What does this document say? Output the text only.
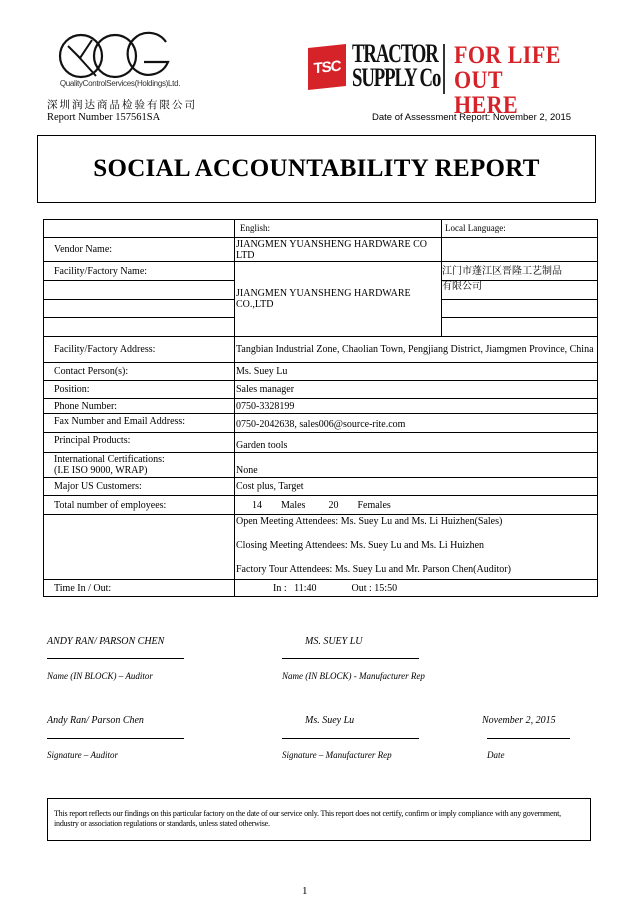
QualityControlServices(Holdings)Ltd.
深圳润达商品检验有限公司
Report Number 157561SA
TSC TRACTOR
SUPPLY Co
FOR LIFE
OUT HERE
Date of Assessment Report: November 2, 2015
SOCIAL ACCOUNTABILITY REPORT
	English:	Local Language:
Vendor Name:	JIANGMEN YUANSHENG HARDWARE CO LTD	
Facility/Factory Name:	JIANGMEN YUANSHENG HARDWARE CO.,LTD	江门市蓬江区晋隆工艺制品
		有限公司

Facility/Factory Address:	Tangbian Industrial Zone, Chaolian Town, Pengjiang District, Jiamgmen Province, China	
Contact Person(s):	Ms. Suey Lu	
Position:	Sales manager	
Phone Number:	0750-3328199	
Fax Number and Email Address:	0750-2042638, sales006@source-rite.com	
Principal Products:	Garden tools	

International Certifications:
(I.E ISO 9000, WRAP)	None	
Major US Customers:	Cost plus, Target	
Total number of employees:	14 Males 20 Females	

	Open Meeting Attendees: Ms. Suey Lu and Ms. Li Huizhen(Sales)
Closing Meeting Attendees: Ms. Suey Lu and Ms. Li Huizhen
Factory Tour Attendees: Ms. Suey Lu and Mr. Parson Chen(Auditor)	

Time In / Out:	In :   11:40 Out : 15:50	
ANDY RAN/ PARSON CHEN	MS. SUEY LU
Name (IN BLOCK) – Auditor	Name (IN BLOCK) - Manufacturer Rep
Andy Ran/ Parson Chen	Ms. Suey Lu	November 2, 2015
Signature – Auditor	Signature – Manufacturer Rep	Date
This report reflects our findings on this particular factory on the date of our service only. This report does not certify, confirm or imply compliance with any government, industry or association regulations or standards, unless stated otherwise.
1
